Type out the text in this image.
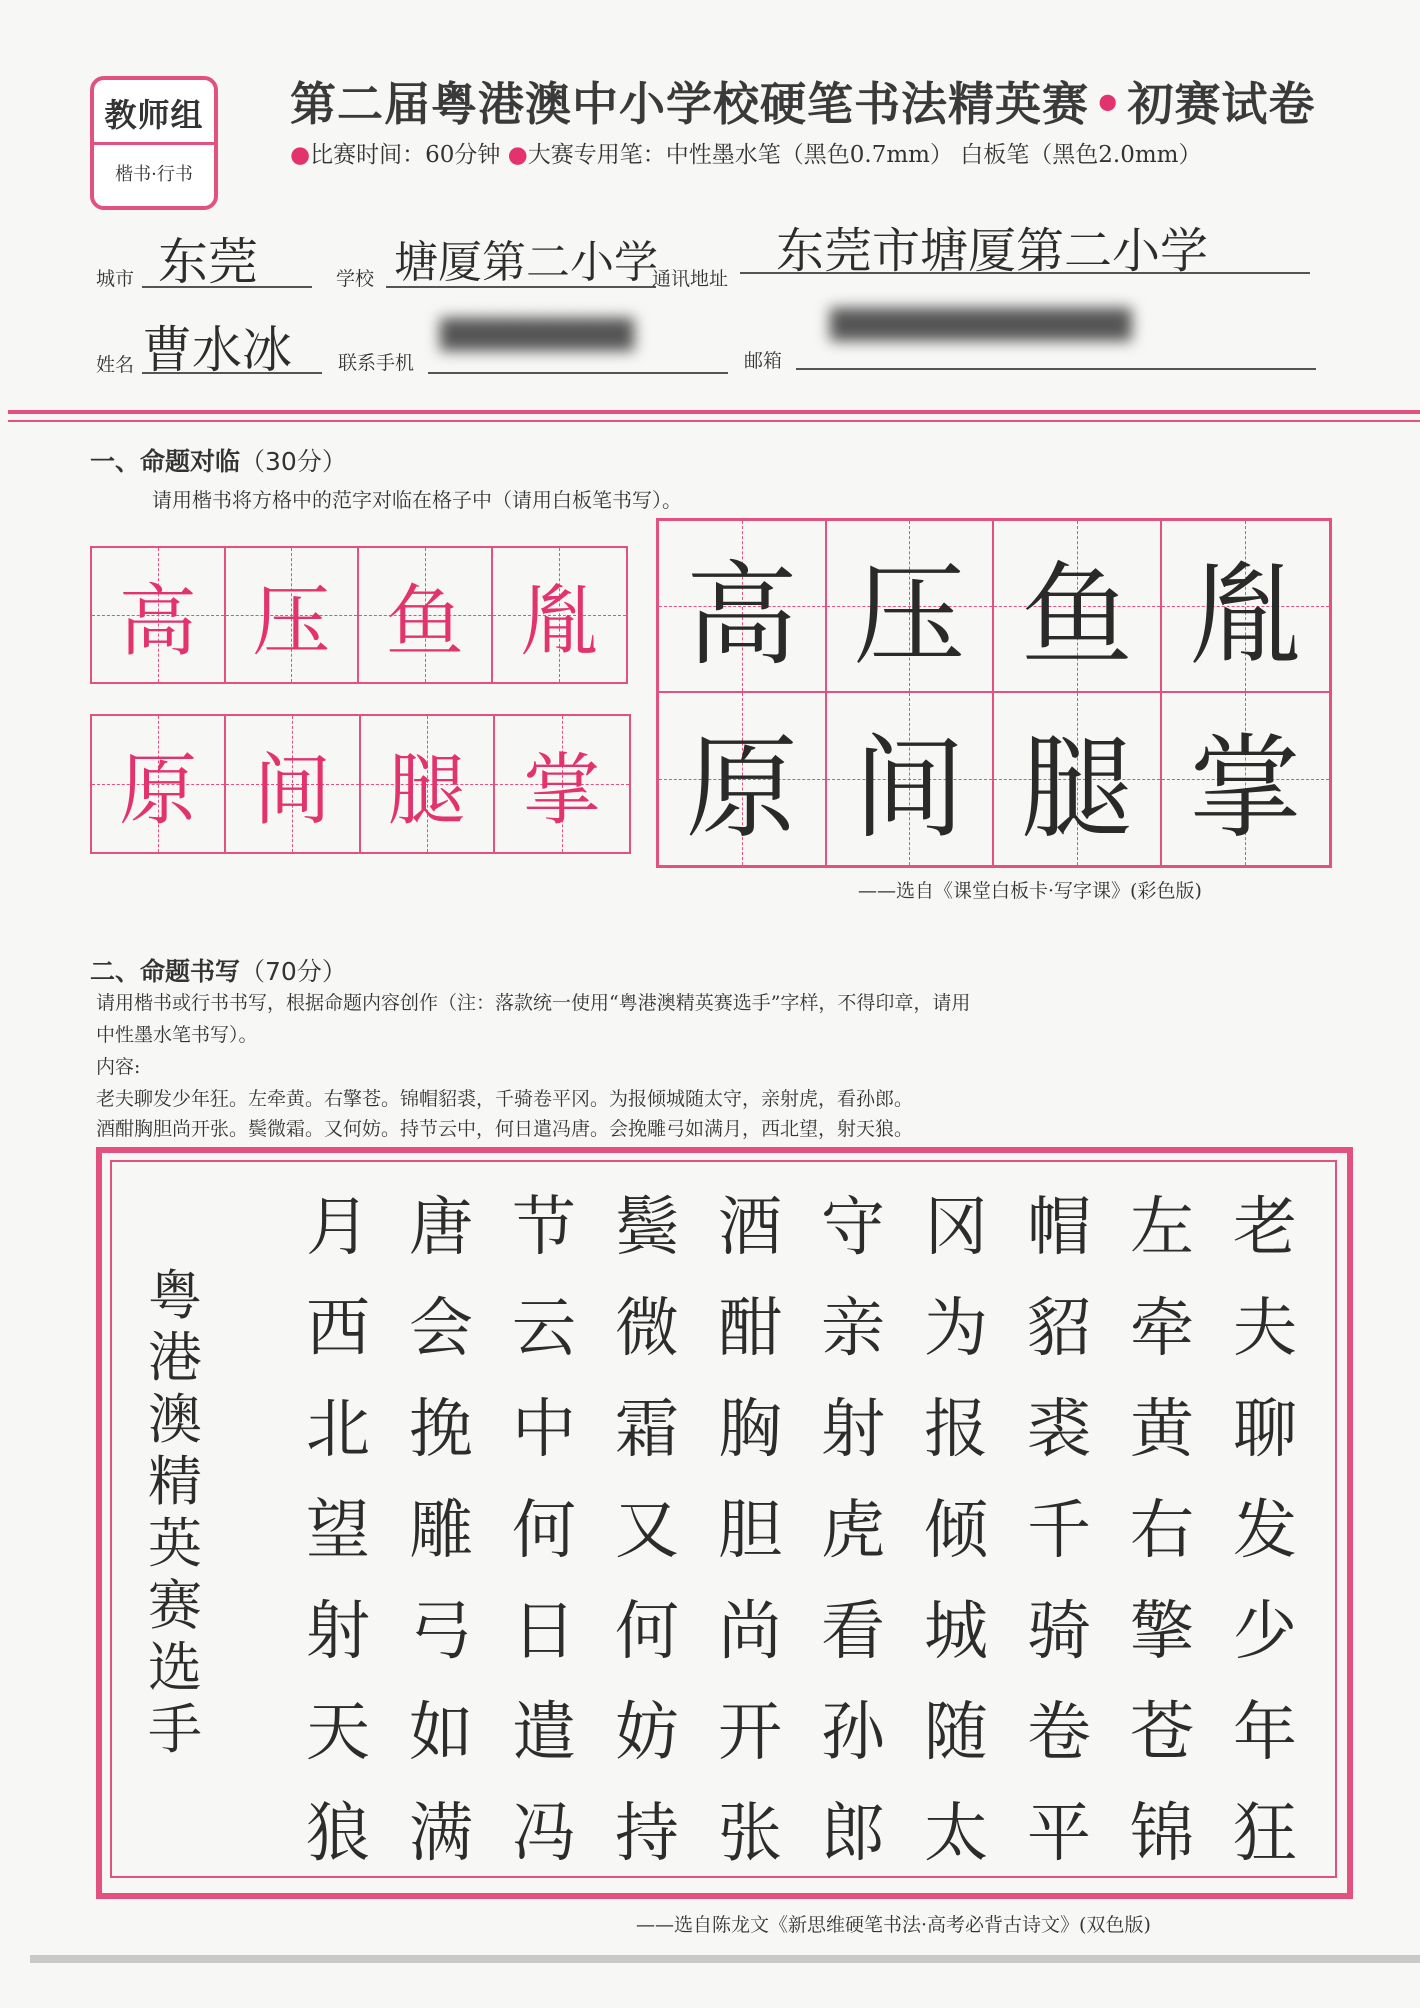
教师组
楷书·行书
第二届粤港澳中小学校硬笔书法精英赛•初赛试卷
●比赛时间：60分钟 ●大赛专用笔：中性墨水笔（黑色0.7mm） 白板笔（黑色2.0mm）
城市 东莞	学校 塘厦第二小学
通讯地址 东莞市塘厦第二小学
姓名 曹水冰 联系手机
█████████
邮箱
██████████████
一、命题对临（30分）
请用楷书将方格中的范字对临在格子中（请用白板笔书写）。
高 压 鱼 胤
原 间 腿 掌
高 压 鱼 胤
原 间 腿 掌
——选自《课堂白板卡·写字课》(彩色版)
二、命题书写（70分）
请用楷书或行书书写，根据命题内容创作（注：落款统一使用“粤港澳精英赛选手”字样，不得印章，请用
中性墨水笔书写）。
内容:
老夫聊发少年狂。左牵黄。右擎苍。锦帽貂裘，千骑卷平冈。为报倾城随太守，亲射虎，看孙郎。
酒酣胸胆尚开张。鬓微霜。又何妨。持节云中，何日遣冯唐。会挽雕弓如满月，西北望，射天狼。
粤
港
澳
精
英
赛
选
手
老
夫
聊
发
少
年
狂
左
牵
黄
右
擎
苍
锦
帽
貂
裘
千
骑
卷
平
冈
为
报
倾
城
随
太
守
亲
射
虎
看
孙
郎
酒
酣
胸
胆
尚
开
张
鬓
微
霜
又
何
妨
持
节
云
中
何
日
遣
冯
唐
会
挽
雕
弓
如
满
月
西
北
望
射
天
狼
——选自陈龙文《新思维硬笔书法·高考必背古诗文》(双色版)
